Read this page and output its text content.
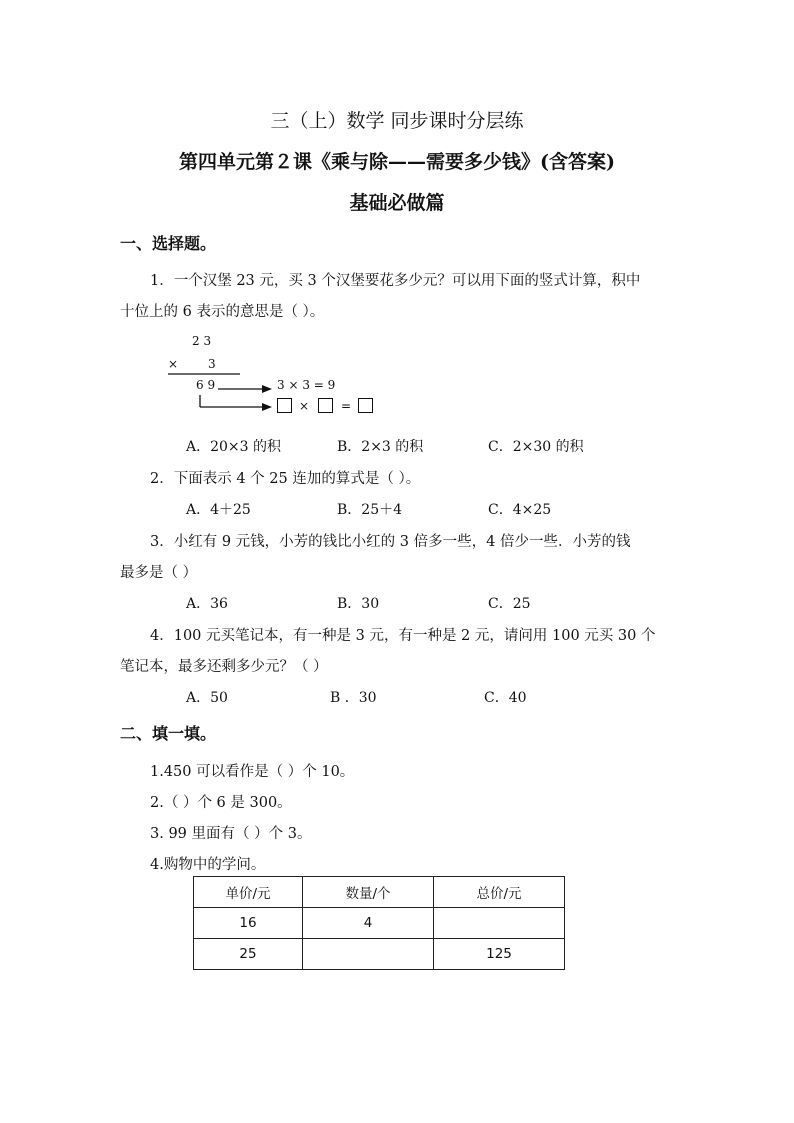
三（上）数学 同步课时分层练
第四单元第２课《乘与除——需要多少钱》(含答案)
基础必做篇
一、选择题。
1．一个汉堡 23 元，买 3 个汉堡要花多少元？可以用下面的竖式计算，积中
十位上的 6 表示的意思是（ ）。
2 3
× 3
6 9	3 × 3 = 9
×	=
A．20×3 的积	B．2×3 的积	C．2×30 的积
2．下面表示 4 个 25 连加的算式是（ ）。
A．4＋25	B．25＋4	C．4×25
3．小红有 9 元钱，小芳的钱比小红的 3 倍多一些，4 倍少一些．小芳的钱
最多是（ ）
A．36	B．30	C．25
4．100 元买笔记本，有一种是 3 元，有一种是 2 元，请问用 100 元买 30 个
笔记本，最多还剩多少元？（ ）
A．50	B ．30	C．40
二、填一填。
1.450 可以看作是（ ）个 10。
2.（ ）个 6 是 300。
3. 99 里面有（ ）个 3。
4.购物中的学问。
单价/元	数量/个	总价/元
16	4	
25		125
